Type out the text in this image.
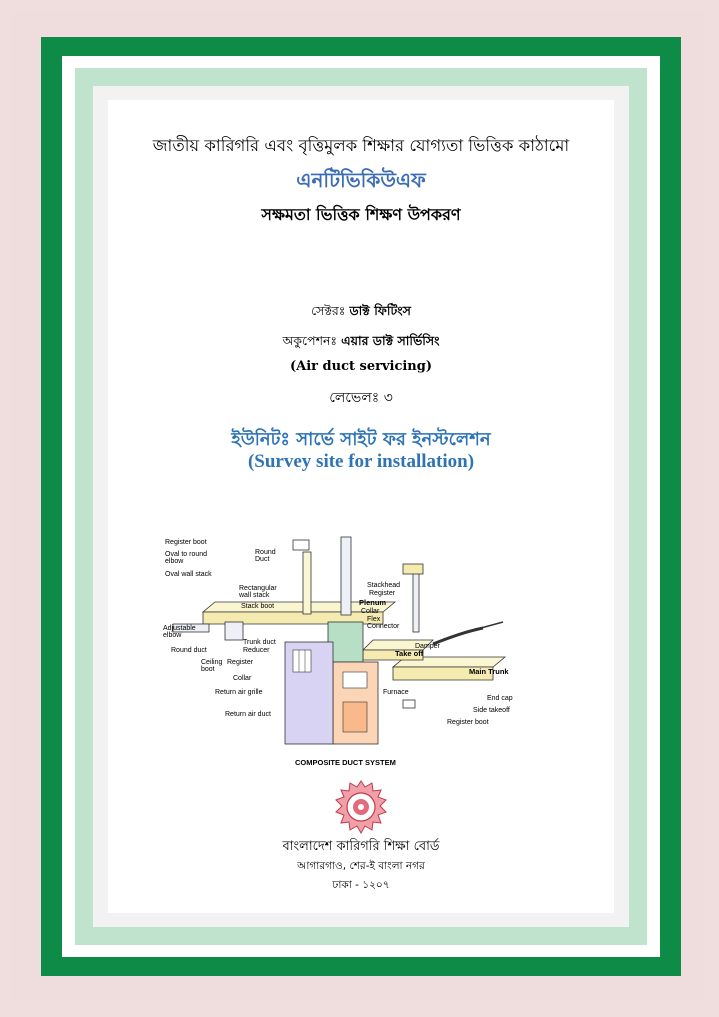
জাতীয় কারিগরি এবং বৃত্তিমুলক শিক্ষার যোগ্যতা ভিত্তিক কাঠামো
এনটিভিকিউএফ
সক্ষমতা ভিত্তিক শিক্ষণ উপকরণ
সেক্টরঃ ডাক্ট ফিটিংস
অকুপেশনঃ এয়ার ডাক্ট সার্ভিসিং
(Air duct servicing)
লেভেলঃ ৩
ইউনিটঃ সার্ভে সাইট ফর ইনস্টলেশন
(Survey site for installation)
Register boot
Oval to round
elbow
Oval wall stack
Round
Duct
Rectangular
wall stack
Stack boot
Adjustable
elbow
Round duct
Trunk duct
Reducer
Ceiling
boot
Register
Collar
Return air grille
Return air duct
Stackhead
Register
Plenum
Collar
Flex
Connector
Damper
Take off
Main Trunk
Furnace
End cap
Side takeoff
Register boot
COMPOSITE DUCT SYSTEM
বাংলাদেশ কারিগরি শিক্ষা বোর্ড
আগারগাও, শের-ই বাংলা নগর
ঢাকা - ১২০৭
